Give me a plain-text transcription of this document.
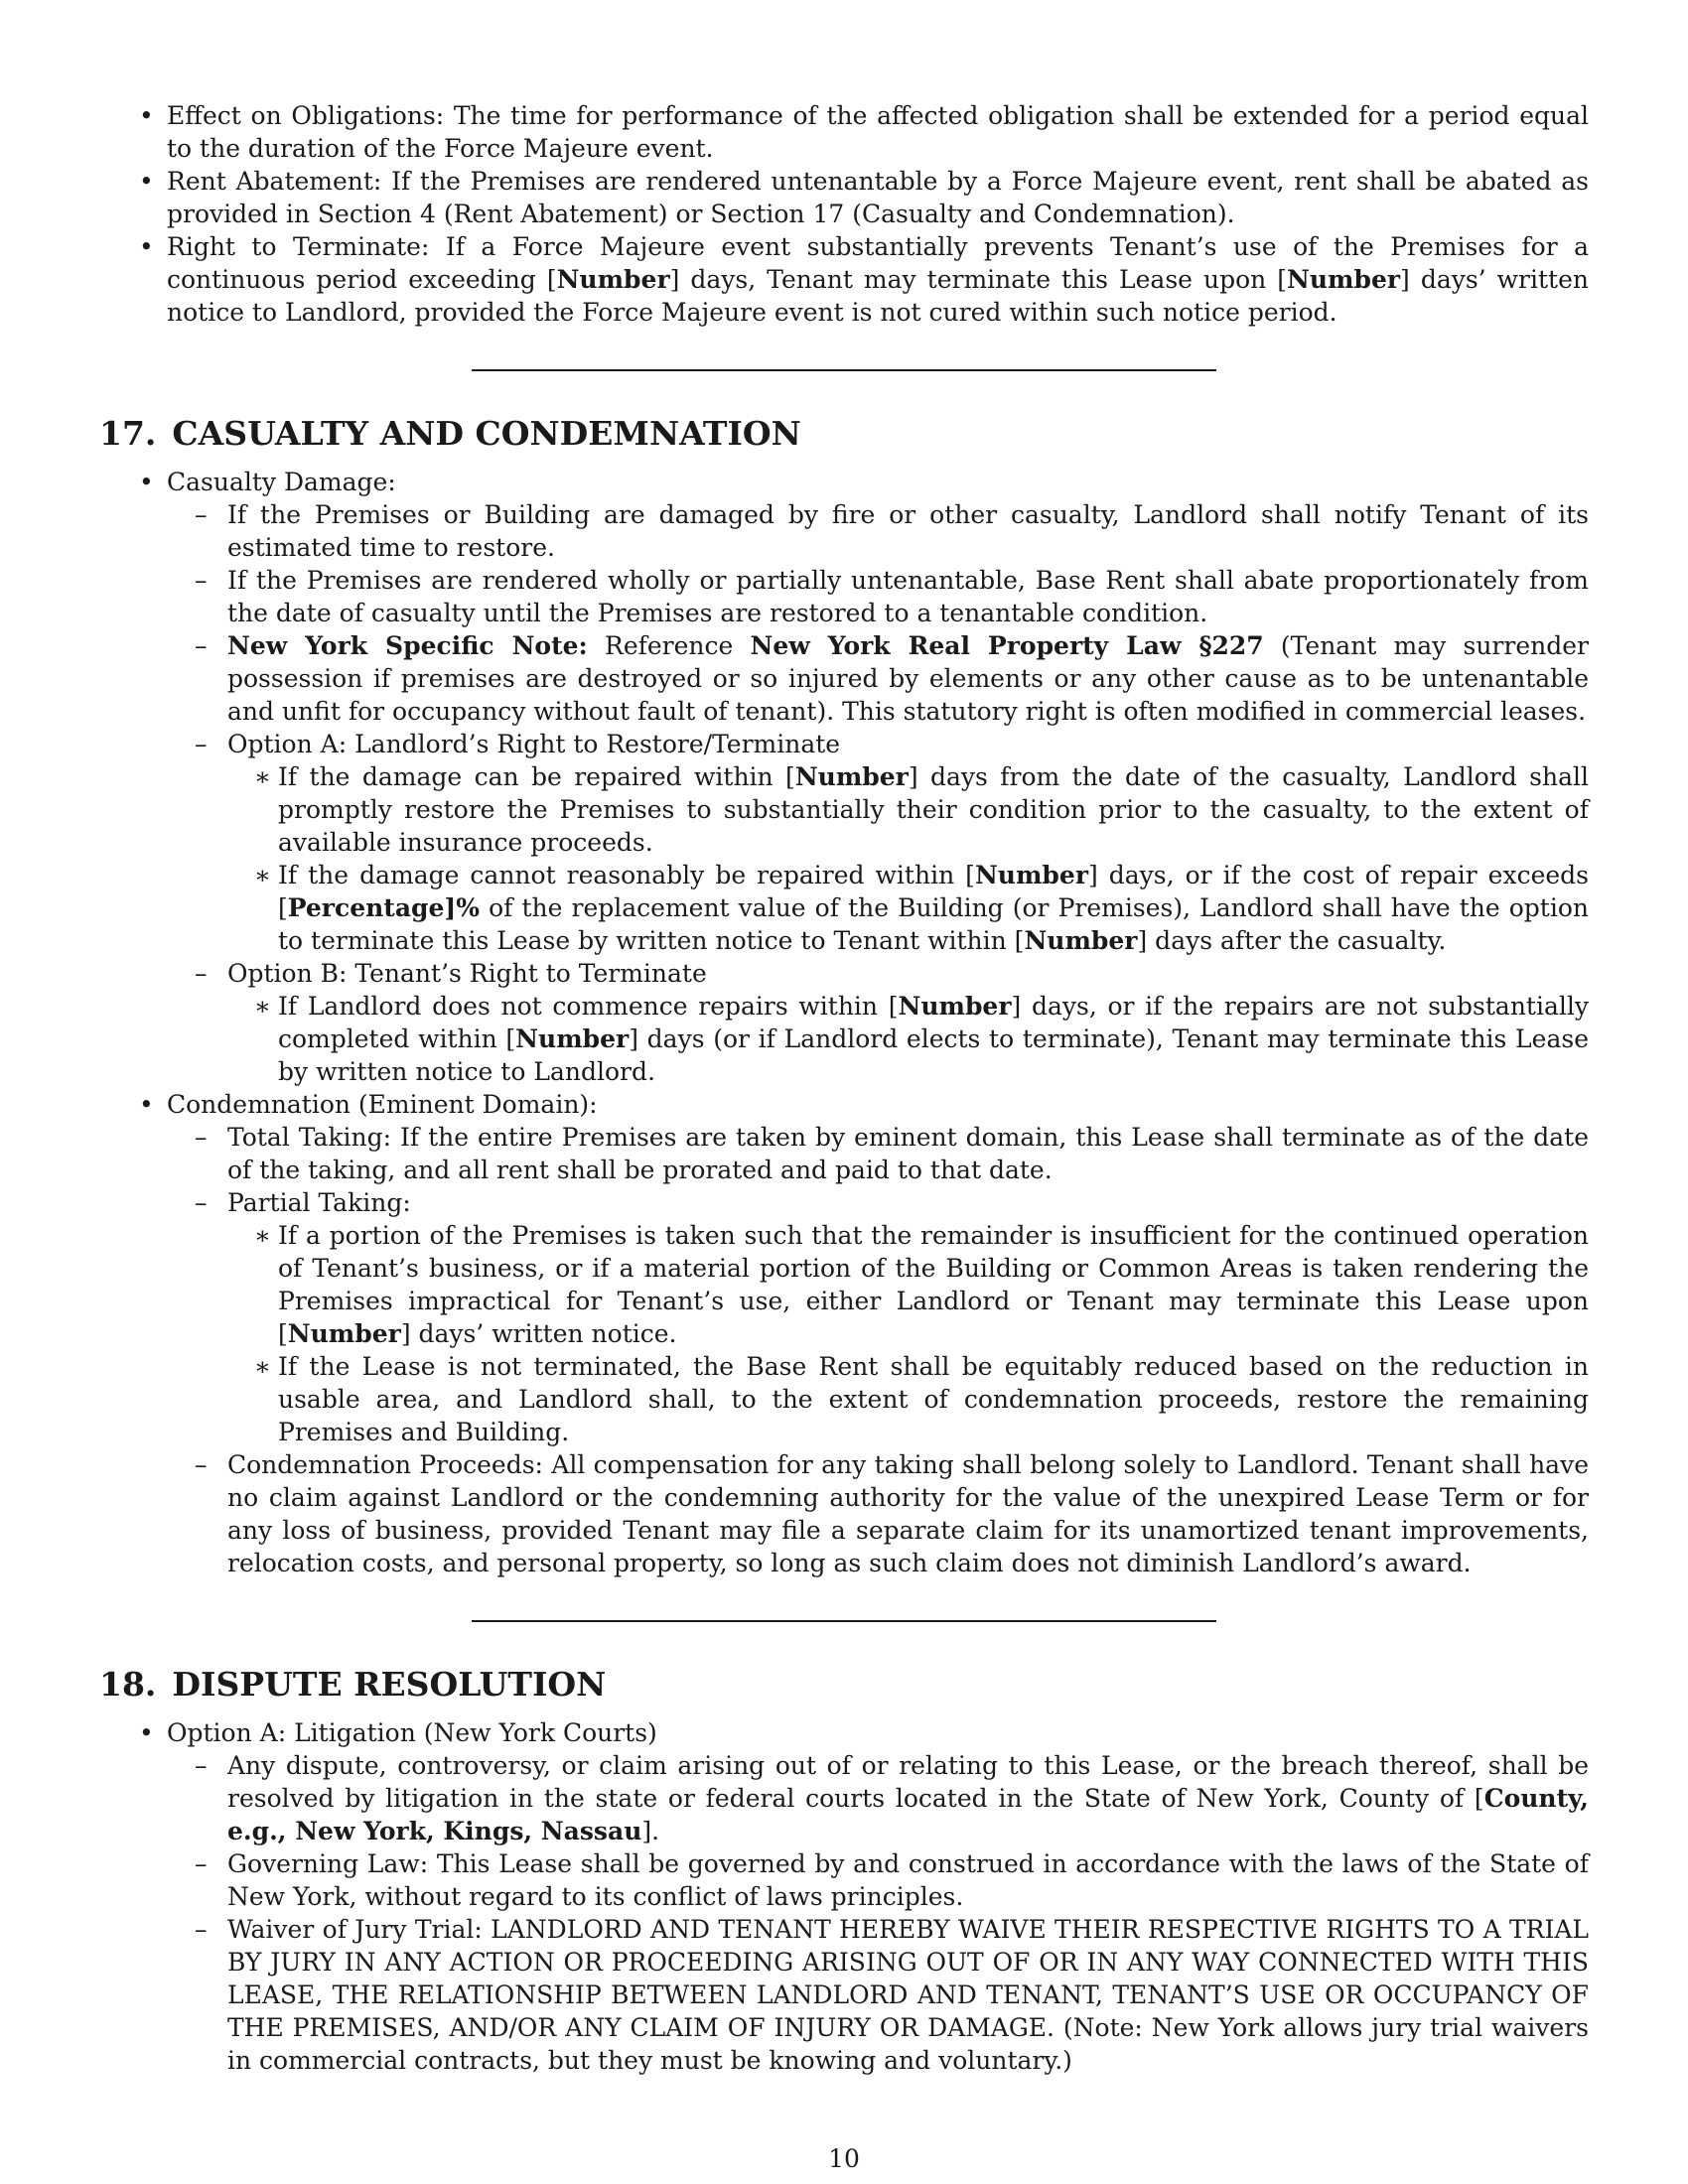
• Effect on Obligations: The time for performance of the affected obligation shall be extended for a period equal to the duration of the Force Majeure event.
• Rent Abatement: If the Premises are rendered untenantable by a Force Majeure event, rent shall be abated as provided in Section 4 (Rent Abatement) or Section 17 (Casualty and Condemnation).
• Right to Terminate: If a Force Majeure event substantially prevents Tenant’s use of the Premises for a continuous period exceeding [Number] days, Tenant may terminate this Lease upon [Number] days’ written notice to Landlord, provided the Force Majeure event is not cured within such notice period.
17. CASUALTY AND CONDEMNATION
• Casualty Damage:
– If the Premises or Building are damaged by fire or other casualty, Landlord shall notify Tenant of its estimated time to restore.
– If the Premises are rendered wholly or partially untenantable, Base Rent shall abate proportionately from the date of casualty until the Premises are restored to a tenantable condition.
– New York Specific Note: Reference New York Real Property Law §227 (Tenant may surrender possession if premises are destroyed or so injured by elements or any other cause as to be untenantable and unfit for occupancy without fault of tenant). This statutory right is often modified in commercial leases.
– Option A: Landlord’s Right to Restore/Terminate
∗ If the damage can be repaired within [Number] days from the date of the casualty, Landlord shall promptly restore the Premises to substantially their condition prior to the casualty, to the extent of available insurance proceeds.
∗ If the damage cannot reasonably be repaired within [Number] days, or if the cost of repair exceeds [Percentage]% of the replacement value of the Building (or Premises), Landlord shall have the option to terminate this Lease by written notice to Tenant within [Number] days after the casualty.
– Option B: Tenant’s Right to Terminate
∗ If Landlord does not commence repairs within [Number] days, or if the repairs are not substantially completed within [Number] days (or if Landlord elects to terminate), Tenant may terminate this Lease by written notice to Landlord.
• Condemnation (Eminent Domain):
– Total Taking: If the entire Premises are taken by eminent domain, this Lease shall terminate as of the date of the taking, and all rent shall be prorated and paid to that date.
– Partial Taking:
∗ If a portion of the Premises is taken such that the remainder is insufficient for the continued operation of Tenant’s business, or if a material portion of the Building or Common Areas is taken rendering the Premises impractical for Tenant’s use, either Landlord or Tenant may terminate this Lease upon [Number] days’ written notice.
∗ If the Lease is not terminated, the Base Rent shall be equitably reduced based on the reduction in usable area, and Landlord shall, to the extent of condemnation proceeds, restore the remaining Premises and Building.
– Condemnation Proceeds: All compensation for any taking shall belong solely to Landlord. Tenant shall have no claim against Landlord or the condemning authority for the value of the unexpired Lease Term or for any loss of business, provided Tenant may file a separate claim for its unamortized tenant improvements, relocation costs, and personal property, so long as such claim does not diminish Landlord’s award.
18. DISPUTE RESOLUTION
• Option A: Litigation (New York Courts)
– Any dispute, controversy, or claim arising out of or relating to this Lease, or the breach thereof, shall be resolved by litigation in the state or federal courts located in the State of New York, County of [County, e.g., New York, Kings, Nassau].
– Governing Law: This Lease shall be governed by and construed in accordance with the laws of the State of New York, without regard to its conflict of laws principles.
– Waiver of Jury Trial: LANDLORD AND TENANT HEREBY WAIVE THEIR RESPECTIVE RIGHTS TO A TRIAL BY JURY IN ANY ACTION OR PROCEEDING ARISING OUT OF OR IN ANY WAY CONNECTED WITH THIS LEASE, THE RELATIONSHIP BETWEEN LANDLORD AND TENANT, TENANT’S USE OR OCCUPANCY OF THE PREMISES, AND/OR ANY CLAIM OF INJURY OR DAMAGE. (Note: New York allows jury trial waivers in commercial contracts, but they must be knowing and voluntary.)
10
